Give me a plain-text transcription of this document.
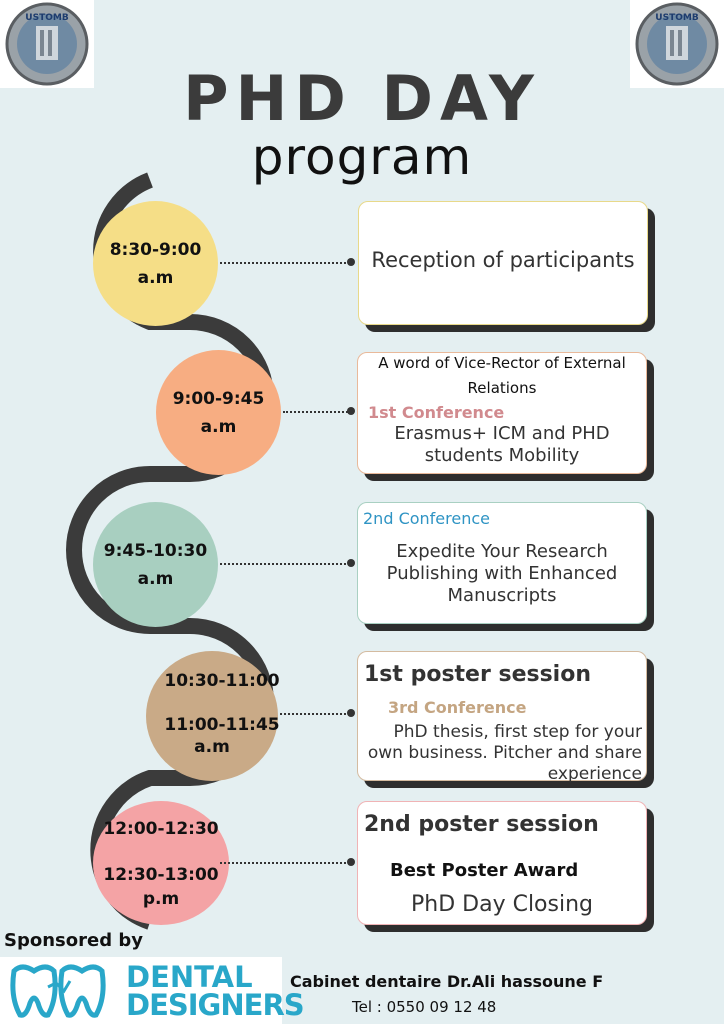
USTOMB	USTOMB
PHD DAY
program
8:30-9:00
a.m
9:00-9:45
a.m
9:45-10:30
a.m
10:30-11:00
11:00-11:45
a.m
12:00-12:30
12:30-13:00
p.m
Reception of participants
A word of Vice-Rector of External Relations
1st Conference
Erasmus+ ICM and PHD students Mobility
2nd Conference
Expedite Your Research Publishing with Enhanced Manuscripts
1st poster session
3rd Conference
PhD thesis, first step for your own business. Pitcher and share experience
2nd poster session
Best Poster Award
PhD Day Closing
Sponsored by
DENTAL
DESIGNERS
Cabinet dentaire Dr.Ali hassoune F
Tel : 0550 09 12 48
